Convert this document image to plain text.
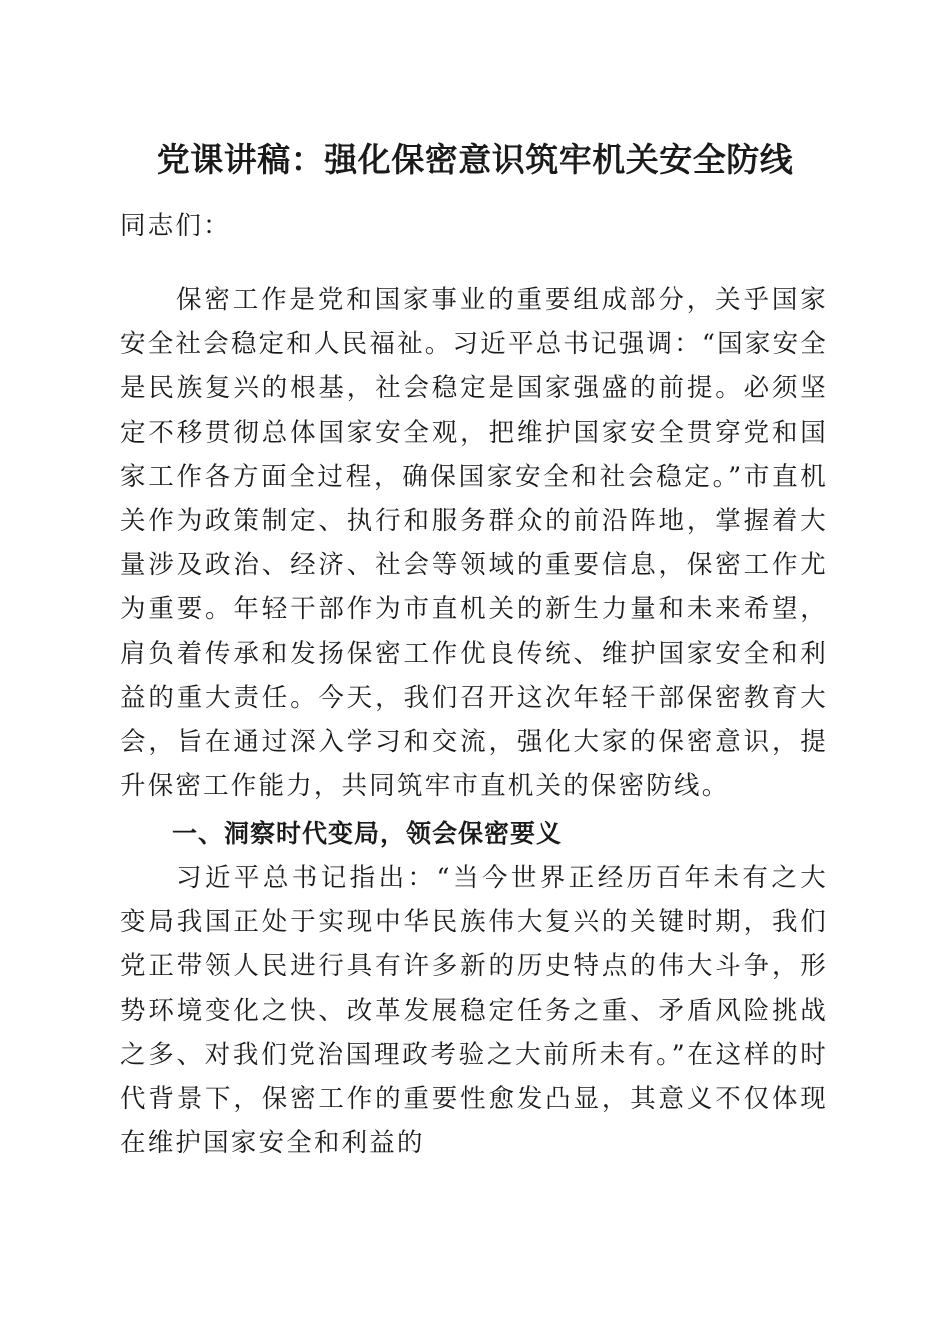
党课讲稿：强化保密意识筑牢机关安全防线

同志们：

保密工作是党和国家事业的重要组成部分，关乎国家安全社会稳定和人民福祉。习近平总书记强调：“国家安全是民族复兴的根基，社会稳定是国家强盛的前提。必须坚定不移贯彻总体国家安全观，把维护国家安全贯穿党和国家工作各方面全过程，确保国家安全和社会稳定。”市直机关作为政策制定、执行和服务群众的前沿阵地，掌握着大量涉及政治、经济、社会等领域的重要信息，保密工作尤为重要。年轻干部作为市直机关的新生力量和未来希望，肩负着传承和发扬保密工作优良传统、维护国家安全和利益的重大责任。今天，我们召开这次年轻干部保密教育大会，旨在通过深入学习和交流，强化大家的保密意识，提升保密工作能力，共同筑牢市直机关的保密防线。

一、洞察时代变局，领会保密要义

习近平总书记指出：“当今世界正经历百年未有之大变局我国正处于实现中华民族伟大复兴的关键时期，我们党正带领人民进行具有许多新的历史特点的伟大斗争，形势环境变化之快、改革发展稳定任务之重、矛盾风险挑战之多、对我们党治国理政考验之大前所未有。”在这样的时代背景下，保密工作的重要性愈发凸显，其意义不仅体现在维护国家安全和利益的
